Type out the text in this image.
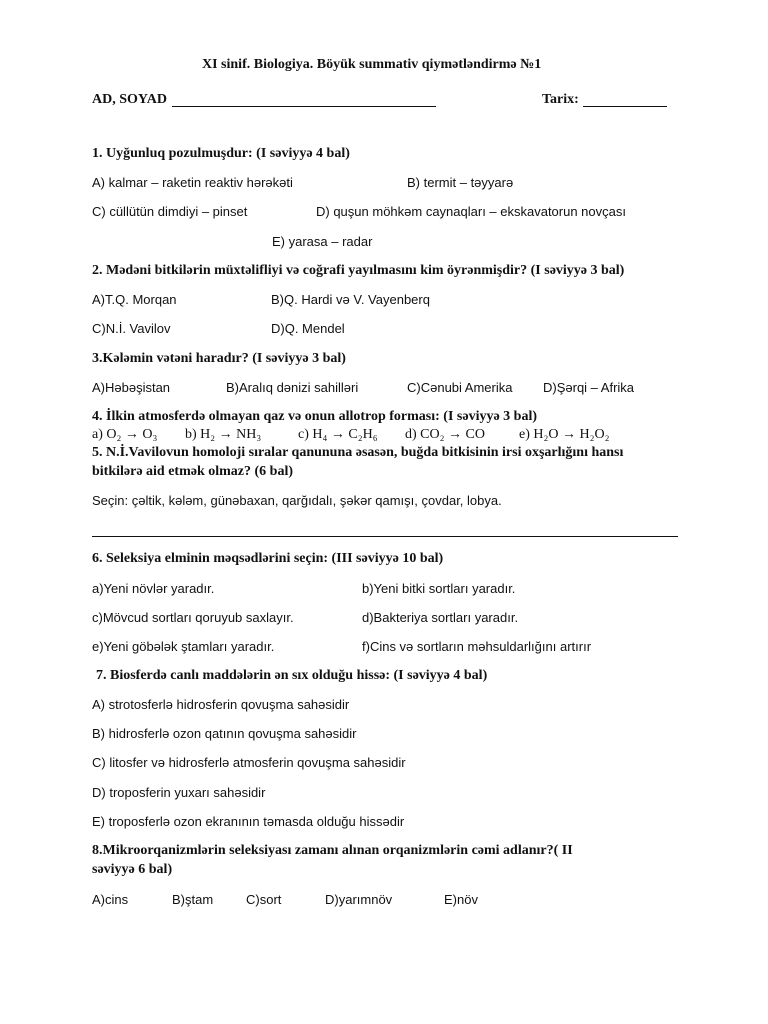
XI sinif. Biologiya. Böyük summativ qiymətləndirmə №1
AD, SOYAD	Tarix:
1. Uyğunluq pozulmuşdur: (I səviyyə 4 bal)
A) kalmar – raketin reaktiv hərəkəti	B) termit – təyyarə
C) cüllütün dimdiyi – pinset	D) quşun möhkəm caynaqları – ekskavatorun novçası
E) yarasa – radar
2. Mədəni bitkilərin müxtəlifliyi və coğrafi yayılmasını kim öyrənmişdir? (I səviyyə 3 bal)
A)T.Q. Morqan	B)Q. Hardi və V. Vayenberq
C)N.İ. Vavilov	D)Q. Mendel
3.Kələmin vətəni haradır? (I səviyyə 3 bal)
A)Həbəşistan	B)Aralıq dənizi sahilləri	C)Cənubi Amerika D)Şərqi – Afrika
4. İlkin atmosferdə olmayan qaz və onun allotrop forması: (I səviyyə 3 bal)
a) O₂ → O₃ b) H₂ → NH₃	c) H₄ → C₂H₆ d) CO₂ → CO e) H₂O → H₂O₂
5. N.İ.Vavilovun homoloji sıralar qanununa əsasən, buğda bitkisinin irsi oxşarlığını hansı
bitkilərə aid etmək olmaz? (6 bal)
Seçin: çəltik, kələm, günəbaxan, qarğıdalı, şəkər qamışı, çovdar, lobya.
6. Seleksiya elminin məqsədlərini seçin: (III səviyyə 10 bal)
a)Yeni növlər yaradır.	b)Yeni bitki sortları yaradır.
c)Mövcud sortları qoruyub saxlayır.	d)Bakteriya sortları yaradır.
e)Yeni göbələk ştamları yaradır.	f)Cins və sortların məhsuldarlığını artırır
7. Biosferdə canlı maddələrin ən sıx olduğu hissə: (I səviyyə 4 bal)
A) strotosferlə hidrosferin qovuşma sahəsidir
B) hidrosferlə ozon qatının qovuşma sahəsidir
C) litosfer və hidrosferlə atmosferin qovuşma sahəsidir
D) troposferin yuxarı sahəsidir
E) troposferlə ozon ekranının təmasda olduğu hissədir
8.Mikroorqanizmlərin seleksiyası zamanı alınan orqanizmlərin cəmi adlanır?( II
səviyyə 6 bal)
A)cins	B)ştam	C)sort	D)yarımnöv	E)növ
